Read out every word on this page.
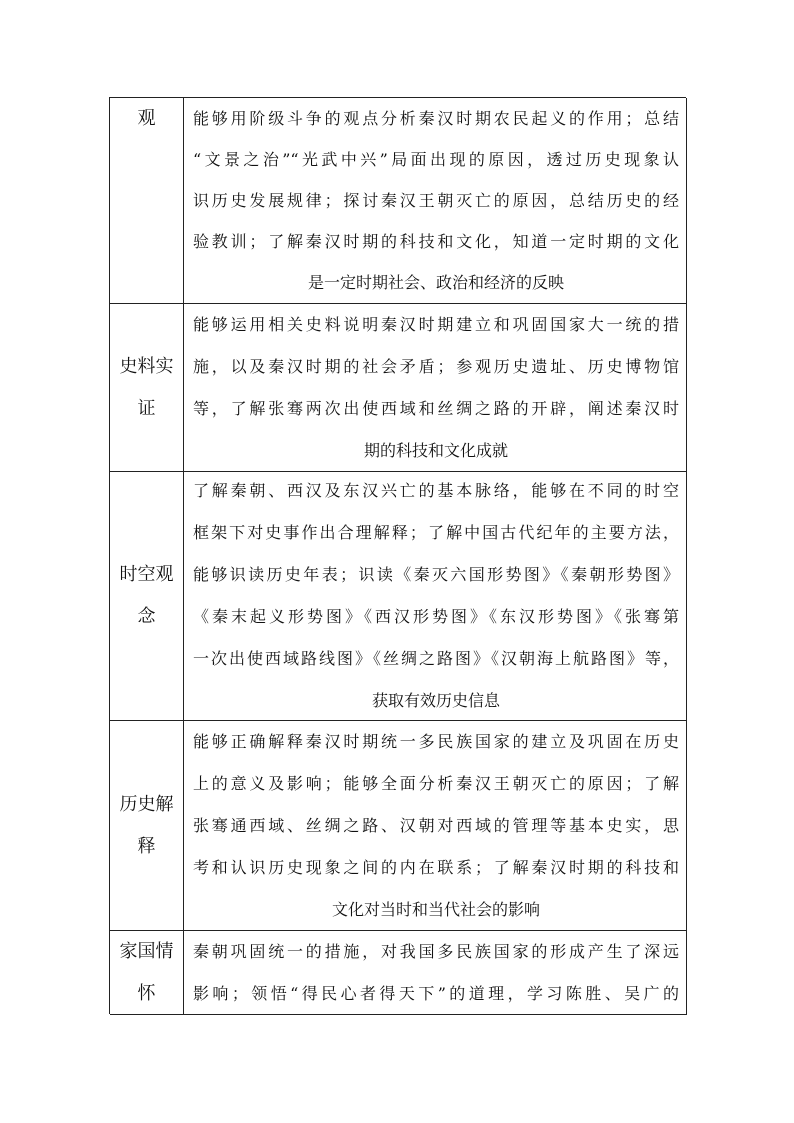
观 能够用阶级斗争的观点分析秦汉时期农民起义的作用；总结
“文景之治”“光武中兴”局面出现的原因，透过历史现象认
识历史发展规律；探讨秦汉王朝灭亡的原因，总结历史的经
验教训；了解秦汉时期的科技和文化，知道一定时期的文化
是一定时期社会、政治和经济的反映
史料实
证
能够运用相关史料说明秦汉时期建立和巩固国家大一统的措
施，以及秦汉时期的社会矛盾；参观历史遗址、历史博物馆
等，了解张骞两次出使西域和丝绸之路的开辟，阐述秦汉时
期的科技和文化成就
时空观
念
了解秦朝、西汉及东汉兴亡的基本脉络，能够在不同的时空
框架下对史事作出合理解释；了解中国古代纪年的主要方法，
能够识读历史年表；识读《秦灭六国形势图》《秦朝形势图》
《秦末起义形势图》《西汉形势图》《东汉形势图》《张骞第
一次出使西域路线图》《丝绸之路图》《汉朝海上航路图》等，
获取有效历史信息
历史解
释
能够正确解释秦汉时期统一多民族国家的建立及巩固在历史
上的意义及影响；能够全面分析秦汉王朝灭亡的原因；了解
张骞通西域、丝绸之路、汉朝对西域的管理等基本史实，思
考和认识历史现象之间的内在联系；了解秦汉时期的科技和
文化对当时和当代社会的影响
家国情
怀
秦朝巩固统一的措施，对我国多民族国家的形成产生了深远
影响；领悟“得民心者得天下”的道理，学习陈胜、吴广的
